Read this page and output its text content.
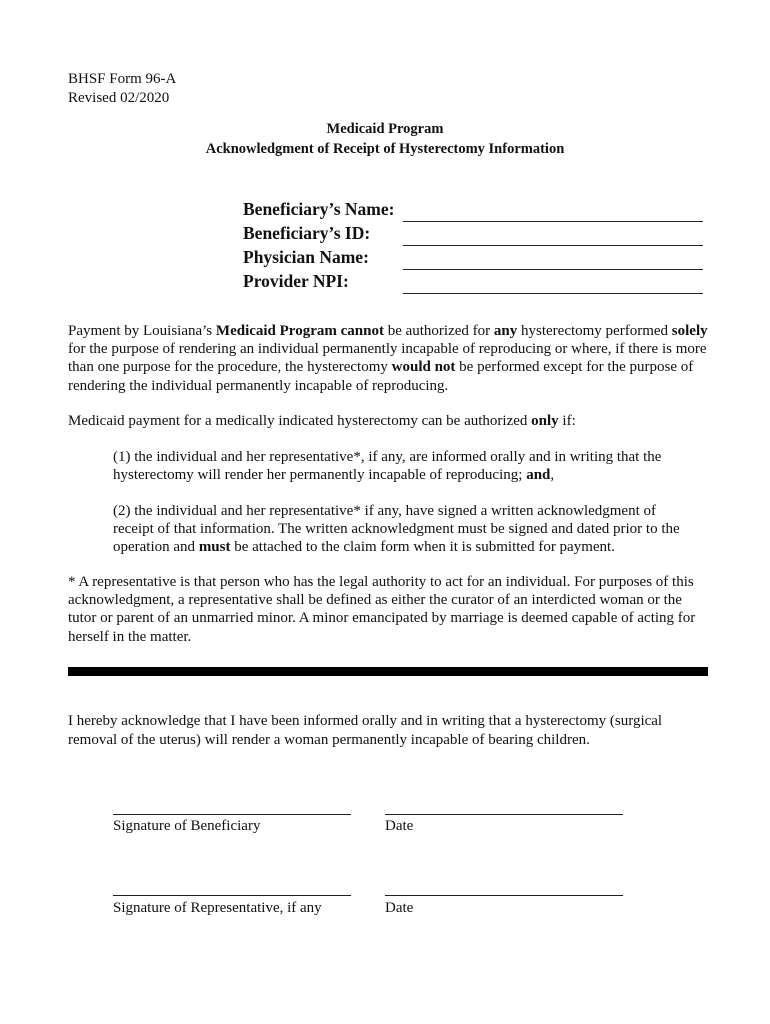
BHSF Form 96-A
Revised 02/2020
Medicaid Program
Acknowledgment of Receipt of Hysterectomy Information
Beneficiary’s Name:
Beneficiary’s ID:
Physician Name:
Provider NPI:

Payment by Louisiana’s Medicaid Program cannot be authorized for any hysterectomy performed solely for the purpose of rendering an individual permanently incapable of reproducing or where, if there is more than one purpose for the procedure, the hysterectomy would not be performed except for the purpose of rendering the individual permanently incapable of reproducing.

Medicaid payment for a medically indicated hysterectomy can be authorized only if:

(1) the individual and her representative*, if any, are informed orally and in writing that the hysterectomy will render her permanently incapable of reproducing; and,

(2) the individual and her representative* if any, have signed a written acknowledgment of receipt of that information. The written acknowledgment must be signed and dated prior to the operation and must be attached to the claim form when it is submitted for payment.

* A representative is that person who has the legal authority to act for an individual. For purposes of this acknowledgment, a representative shall be defined as either the curator of an interdicted woman or the tutor or parent of an unmarried minor. A minor emancipated by marriage is deemed capable of acting for herself in the matter.

I hereby acknowledge that I have been informed orally and in writing that a hysterectomy (surgical removal of the uterus) will render a woman permanently incapable of bearing children.
Signature of Beneficiary	Date
Signature of Representative, if any	Date
